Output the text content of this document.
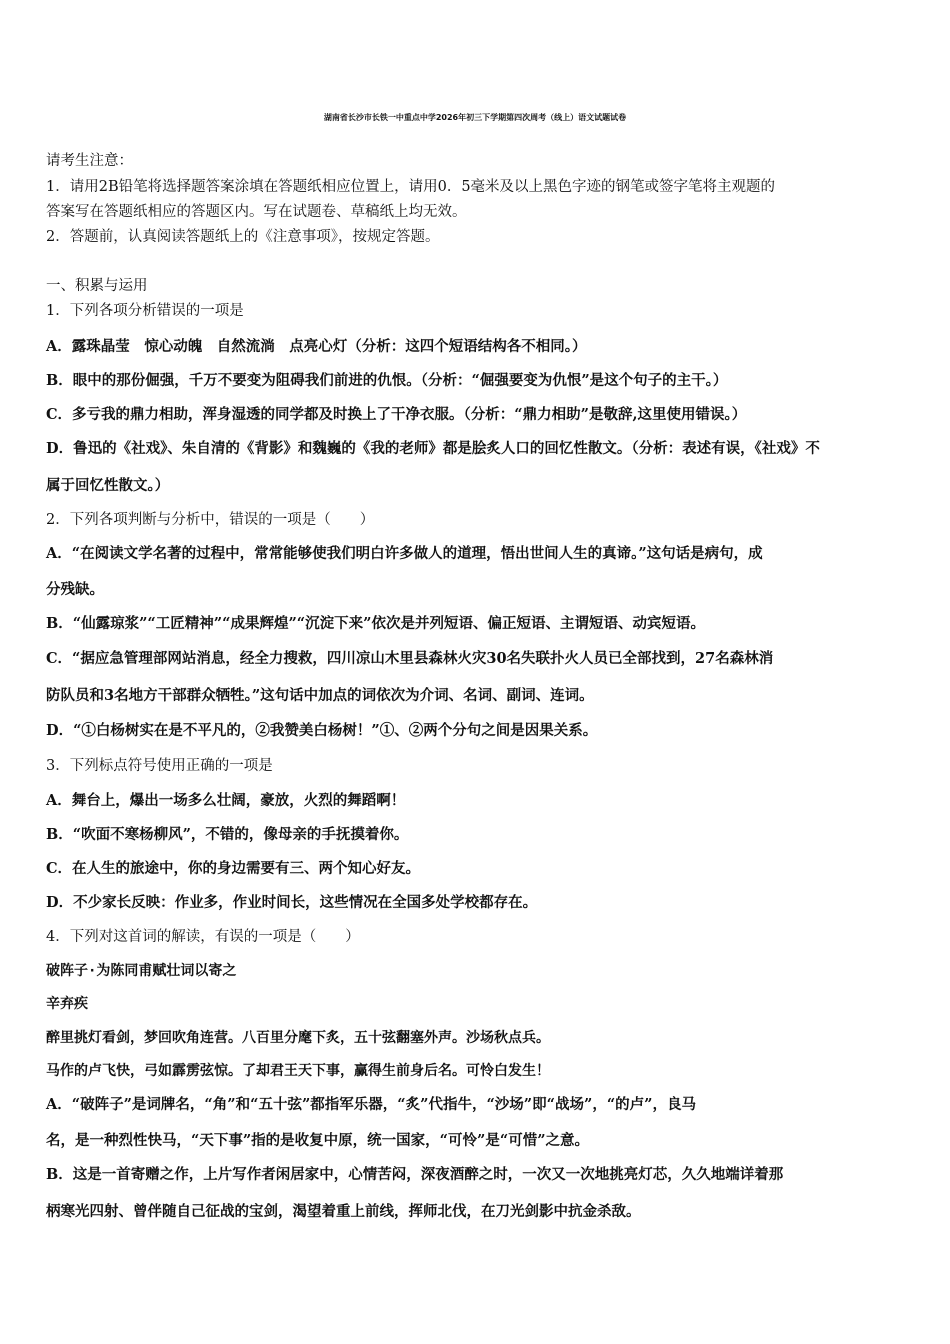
湖南省长沙市长铁一中重点中学2026年初三下学期第四次周考（线上）语文试题试卷
请考生注意：
1．请用2B铅笔将选择题答案涂填在答题纸相应位置上，请用0．5毫米及以上黑色字迹的钢笔或签字笔将主观题的
答案写在答题纸相应的答题区内。写在试题卷、草稿纸上均无效。
2．答题前，认真阅读答题纸上的《注意事项》，按规定答题。
一、积累与运用
1．下列各项分析错误的一项是
A．露珠晶莹　惊心动魄　自然流淌　点亮心灯（分析：这四个短语结构各不相同。）
B．眼中的那份倔强，千万不要变为阻碍我们前进的仇恨。（分析：“倔强要变为仇恨”是这个句子的主干。）
C．多亏我的鼎力相助，浑身湿透的同学都及时换上了干净衣服。（分析：“鼎力相助”是敬辞,这里使用错误。）
D．鲁迅的《社戏》、朱自清的《背影》和魏巍的《我的老师》都是脍炙人口的回忆性散文。（分析：表述有误，《社戏》不
属于回忆性散文。）
2．下列各项判断与分析中，错误的一项是（　　）
A．“在阅读文学名著的过程中，常常能够使我们明白许多做人的道理，悟出世间人生的真谛。”这句话是病句，成
分残缺。
B．“仙露琼浆”“工匠精神”“成果辉煌”“沉淀下来”依次是并列短语、偏正短语、主谓短语、动宾短语。
C．“据应急管理部网站消息，经全力搜救，四川凉山木里县森林火灾30名失联扑火人员已全部找到，27名森林消
防队员和3名地方干部群众牺牲。”这句话中加点的词依次为介词、名词、副词、连词。
D．“①白杨树实在是不平凡的，②我赞美白杨树！”①、②两个分句之间是因果关系。
3．下列标点符号使用正确的一项是
A．舞台上，爆出一场多么壮阔，豪放，火烈的舞蹈啊！
B．“吹面不寒杨柳风”，不错的，像母亲的手抚摸着你。
C．在人生的旅途中，你的身边需要有三、两个知心好友。
D．不少家长反映：作业多，作业时间长，这些情况在全国多处学校都存在。
4．下列对这首词的解读，有误的一项是（　　）
破阵子·为陈同甫赋壮词以寄之
辛弃疾
醉里挑灯看剑，梦回吹角连营。八百里分麾下炙，五十弦翻塞外声。沙场秋点兵。
马作的卢飞快，弓如霹雳弦惊。了却君王天下事，赢得生前身后名。可怜白发生！
A．“破阵子”是词牌名，“角”和“五十弦”都指军乐器，“炙”代指牛，“沙场”即“战场”，“的卢”，良马
名，是一种烈性快马，“天下事”指的是收复中原，统一国家，“可怜”是“可惜”之意。
B．这是一首寄赠之作，上片写作者闲居家中，心情苦闷，深夜酒醉之时，一次又一次地挑亮灯芯，久久地端详着那
柄寒光四射、曾伴随自己征战的宝剑，渴望着重上前线，挥师北伐，在刀光剑影中抗金杀敌。
